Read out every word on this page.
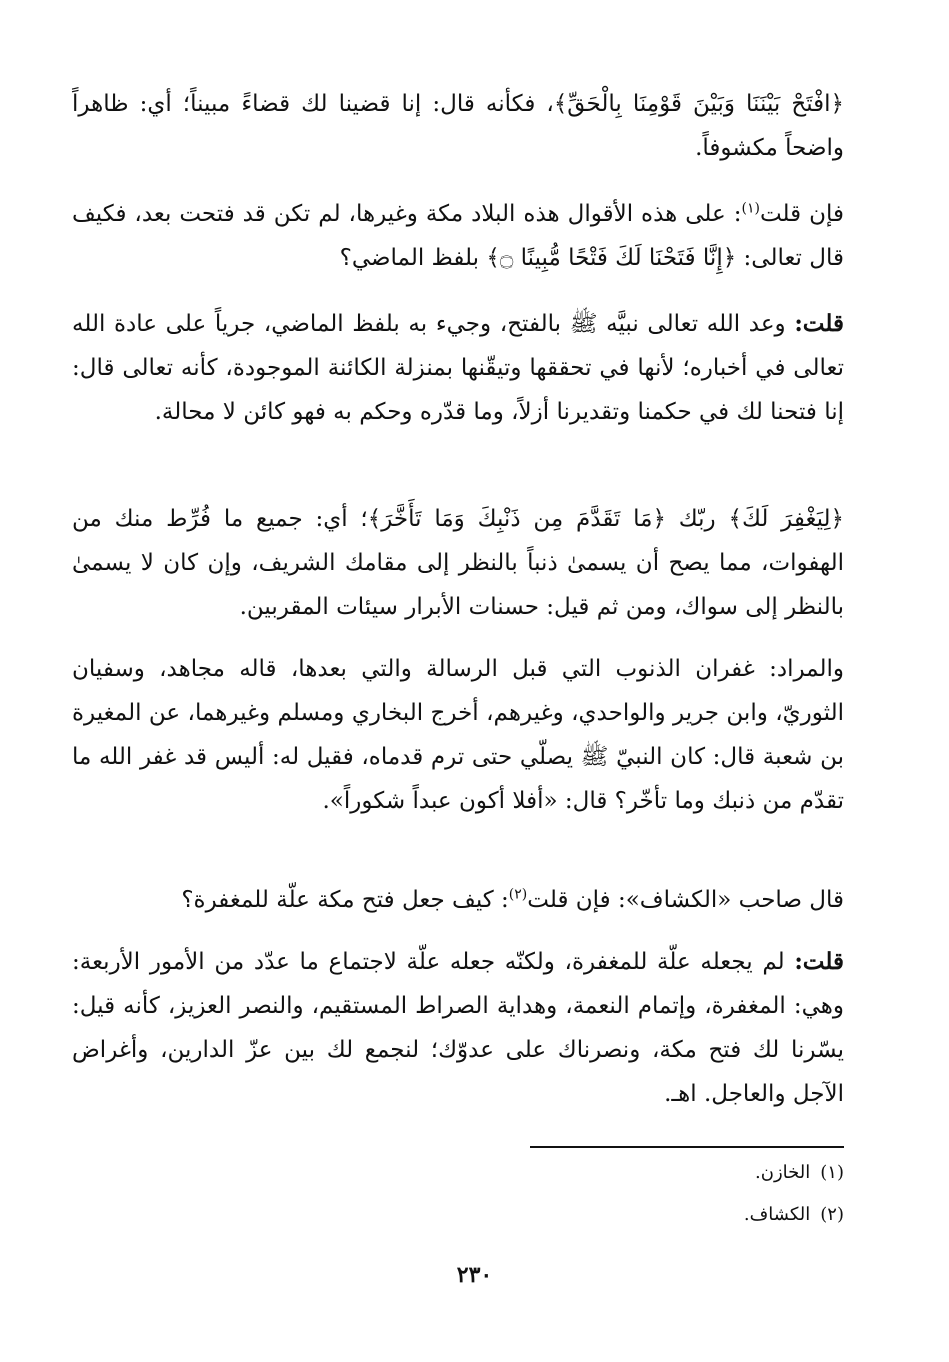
﴿افْتَحْ بَيْنَنَا وَبَيْنَ قَوْمِنَا بِالْحَقِّ﴾، فكأنه قال: إنا قضينا لك قضاءً مبيناً؛ أي: ظاهراً واضحاً مكشوفاً.

فإن قلت$^{(١)}$: على هذه الأقوال هذه البلاد مكة وغيرها، لم تكن قد فتحت بعد، فكيف قال تعالى: ﴿إِنَّا فَتَحْنَا لَكَ فَتْحًا مُّبِينًا ۝﴾ بلفظ الماضي؟

قلت: وعد الله تعالى نبيَّه ﷺ بالفتح، وجيء به بلفظ الماضي، جرياً على عادة الله تعالى في أخباره؛ لأنها في تحققها وتيقّنها بمنزلة الكائنة الموجودة، كأنه تعالى قال: إنا فتحنا لك في حكمنا وتقديرنا أزلاً، وما قدّره وحكم به فهو كائن لا محالة.

﴿لِيَغْفِرَ لَكَ﴾ ربّك ﴿مَا تَقَدَّمَ مِن ذَنْبِكَ وَمَا تَأَخَّرَ﴾؛ أي: جميع ما فُرِّط منك من الهفوات، مما يصح أن يسمىٰ ذنباً بالنظر إلى مقامك الشريف، وإن كان لا يسمىٰ بالنظر إلى سواك، ومن ثم قيل: حسنات الأبرار سيئات المقربين.

والمراد: غفران الذنوب التي قبل الرسالة والتي بعدها، قاله مجاهد، وسفيان الثوريّ، وابن جرير والواحدي، وغيرهم، أخرج البخاري ومسلم وغيرهما، عن المغيرة بن شعبة قال: كان النبيّ ﷺ يصلّي حتى ترم قدماه، فقيل له: أليس قد غفر الله ما تقدّم من ذنبك وما تأخّر؟ قال: «أفلا أكون عبداً شكوراً».

قال صاحب «الكشاف»: فإن قلت$^{(٢)}$: كيف جعل فتح مكة علّة للمغفرة؟

قلت: لم يجعله علّة للمغفرة، ولكنّه جعله علّة لاجتماع ما عدّد من الأمور الأربعة: وهي: المغفرة، وإتمام النعمة، وهداية الصراط المستقيم، والنصر العزيز، كأنه قيل: يسّرنا لك فتح مكة، ونصرناك على عدوّك؛ لنجمع لك بين عزّ الدارين، وأغراض الآجل والعاجل. اهـ.

(١)الخازن.

(٢)الكشاف.

٢٣٠
